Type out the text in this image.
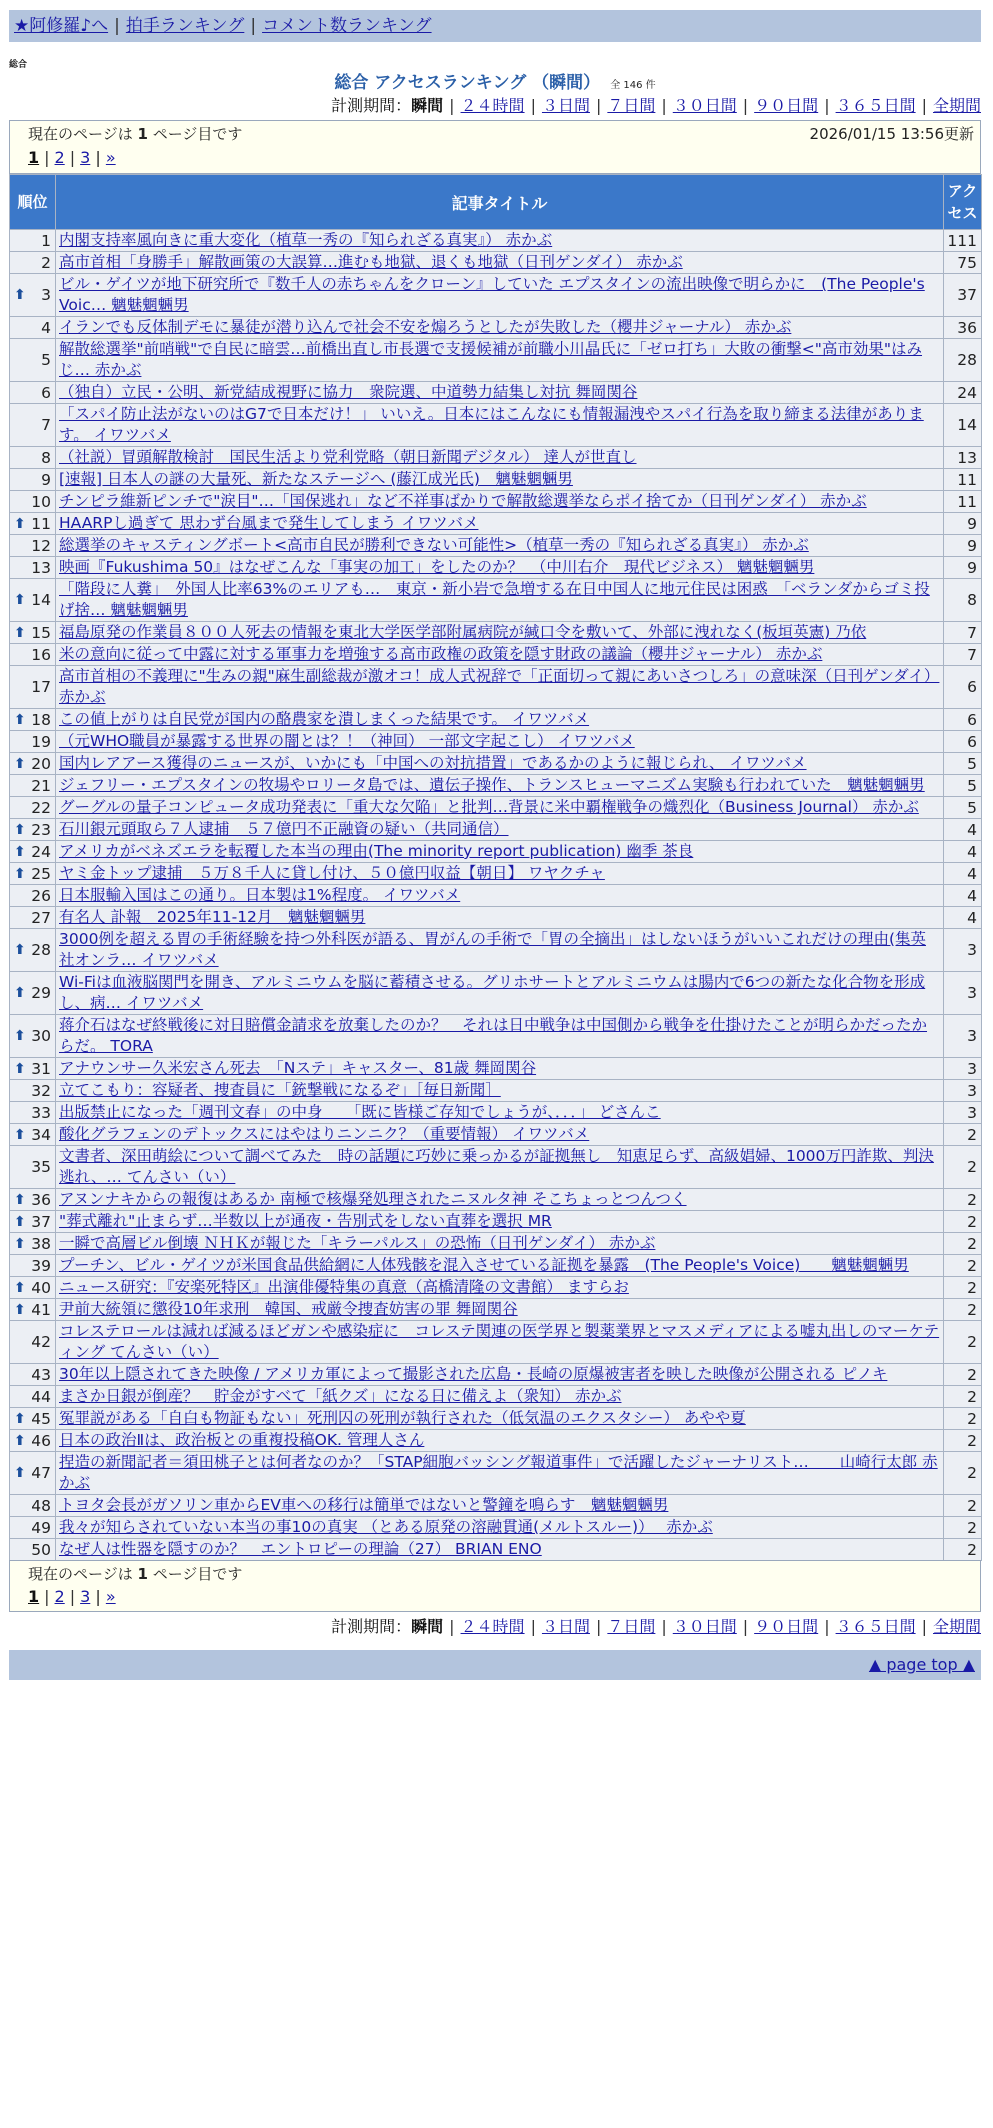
★阿修羅♪へ | 拍手ランキング | コメント数ランキング
総合
総合 アクセスランキング （瞬間） 全 146 件
計測期間：瞬間 | ２４時間 | ３日間 | ７日間 | ３０日間 | ９０日間 | ３６５日間 | 全期間
現在のページは 1 ページ目です	2026/01/15 13:56更新
1 | 2 | 3 | »
順位	記事タイトル	アクセス
1	内閣支持率風向きに重大変化（植草一秀の『知られざる真実』） 赤かぶ	111
2	高市首相「身勝手」解散画策の大誤算…進むも地獄、退くも地獄（日刊ゲンダイ） 赤かぶ	75

⬆ 3	ビル・ゲイツが地下研究所で『数千人の赤ちゃんをクローン』していた エプスタインの流出映像で明らかに　(The People's Voic… 魑魅魍魎男	37
4	イランでも反体制デモに暴徒が潜り込んで社会不安を煽ろうとしたが失敗した（櫻井ジャーナル） 赤かぶ	36
5	解散総選挙"前哨戦"で自民に暗雲…前橋出直し市長選で支援候補が前職小川晶氏に「ゼロ打ち」大敗の衝撃<"高市効果"はみじ… 赤かぶ	28
6	（独自）立民・公明、新党結成視野に協力　衆院選、中道勢力結集し対抗 舞岡関谷	24
7	「スパイ防止法がないのはG7で日本だけ！」 いいえ。日本にはこんなにも情報漏洩やスパイ行為を取り締まる法律があります。 イワツバメ	14
8	（社説）冒頭解散検討　国民生活より党利党略（朝日新聞デジタル） 達人が世直し	13
9	[速報] 日本人の謎の大量死、新たなステージへ (藤江成光氏)　魑魅魍魎男	11
10	チンピラ維新ピンチで"涙目"…「国保逃れ」など不祥事ばかりで解散総選挙ならポイ捨てか（日刊ゲンダイ） 赤かぶ	11

⬆ 11	HAARPし過ぎて 思わず台風まで発生してしまう イワツバメ	9
12	総選挙のキャスティングボート<高市自民が勝利できない可能性>（植草一秀の『知られざる真実』） 赤かぶ	9
13	映画『Fukushima 50』はなぜこんな「事実の加工」をしたのか？　（中川右介　現代ビジネス） 魑魅魍魎男	9

⬆ 14	「階段に人糞」　外国人比率63%のエリアも…　東京・新小岩で急増する在日中国人に地元住民は困惑　「ベランダからゴミ投げ捨… 魑魅魍魎男	8

⬆ 15	福島原発の作業員８００人死去の情報を東北大学医学部附属病院が緘口令を敷いて、外部に洩れなく(板垣英憲) 乃依	7
16	米の意向に従って中露に対する軍事力を増強する高市政権の政策を隠す財政の議論（櫻井ジャーナル） 赤かぶ	7
17	高市首相の不義理に"生みの親"麻生副総裁が激オコ！成人式祝辞で「正面切って親にあいさつしろ」の意味深（日刊ゲンダイ） 赤かぶ	6

⬆ 18	この値上がりは自民党が国内の酪農家を潰しまくった結果です。 イワツバメ	6
19	（元WHO職員が暴露する世界の闇とは？！（神回） 一部文字起こし） イワツバメ	6

⬆ 20	国内レアアース獲得のニュースが、いかにも「中国への対抗措置」であるかのように報じられ、 イワツバメ	5
21	ジェフリー・エプスタインの牧場やロリータ島では、遺伝子操作、トランスヒューマニズム実験も行われていた　魑魅魍魎男	5
22	グーグルの量子コンピュータ成功発表に「重大な欠陥」と批判…背景に米中覇権戦争の熾烈化（Business Journal） 赤かぶ	5

⬆ 23	石川銀元頭取ら７人逮捕　５７億円不正融資の疑い（共同通信）	4

⬆ 24	アメリカがベネズエラを転覆した本当の理由(The minority report publication) 幽季 茶良	4

⬆ 25	ヤミ金トップ逮捕　５万８千人に貸し付け、５０億円収益【朝日】 ワヤクチャ	4
26	日本服輸入国はこの通り。日本製は1%程度。 イワツバメ	4
27	有名人 訃報　2025年11-12月　魑魅魍魎男	4

⬆ 28	3000例を超える胃の手術経験を持つ外科医が語る、胃がんの手術で「胃の全摘出」はしないほうがいいこれだけの理由(集英社オンラ… イワツバメ	3

⬆ 29	Wi-Fiは血液脳関門を開き、アルミニウムを脳に蓄積させる。グリホサートとアルミニウムは腸内で6つの新たな化合物を形成し、病… イワツバメ	3

⬆ 30	蒋介石はなぜ終戦後に対日賠償金請求を放棄したのか？　それは日中戦争は中国側から戦争を仕掛けたことが明らかだったからだ。 TORA	3

⬆ 31	アナウンサー久米宏さん死去　「Nステ」キャスター、81歳 舞岡関谷	3
32	立てこもり：容疑者、捜査員に「銃撃戦になるぞ」［毎日新聞］	3
33	出版禁止になった「週刊文春」の中身　　「既に皆様ご存知でしょうが、．．．」 どさんこ	3

⬆ 34	酸化グラフェンのデトックスにはやはりニンニク？（重要情報） イワツバメ	2
35	文書者、深田萌絵について調べてみた　時の話題に巧妙に乗っかるが証拠無し　知恵足らず、高級娼婦、1000万円詐欺、判決逃れ、… てんさい（い）	2

⬆ 36	アヌンナキからの報復はあるか 南極で核爆発処理されたニヌルタ神 そこちょっとつんつく	2

⬆ 37	"葬式離れ"止まらず…半数以上が通夜・告別式をしない直葬を選択 MR	2

⬆ 38	一瞬で高層ビル倒壊 ＮＨＫが報じた「キラーパルス」の恐怖（日刊ゲンダイ） 赤かぶ	2
39	プーチン、ビル・ゲイツが米国食品供給網に人体残骸を混入させている証拠を暴露　(The People's Voice)　　魑魅魍魎男	2

⬆ 40	ニュース研究：『安楽死特区』出演俳優特集の真意（高橋清隆の文書館） ますらお	2

⬆ 41	尹前大統領に懲役10年求刑　韓国、戒厳令捜査妨害の罪 舞岡関谷	2
42	コレステロールは減れば減るほどガンや感染症に　コレステ関連の医学界と製薬業界とマスメディアによる嘘丸出しのマーケティング てんさい（い）	2
43	30年以上隠されてきた映像 / アメリカ軍によって撮影された広島・長崎の原爆被害者を映した映像が公開される ピノキ	2
44	まさか日銀が倒産？　貯金がすべて「紙クズ」になる日に備えよ（衆知） 赤かぶ	2

⬆ 45	冤罪説がある「自白も物証もない」死刑囚の死刑が執行された（低気温のエクスタシー） あやや夏	2

⬆ 46	日本の政治Ⅱは、政治板との重複投稿OK. 管理人さん	2

⬆ 47	捏造の新聞記者＝須田桃子とは何者なのか？「STAP細胞バッシング報道事件」で活躍したジャーナリスト…　　山崎行太郎 赤かぶ	2
48	トヨタ会長がガソリン車からEV車への移行は簡単ではないと警鐘を鳴らす　魑魅魍魎男	2
49	我々が知らされていない本当の事10の真実 （とある原発の溶融貫通(メルトスルー)）　 赤かぶ	2
50	なぜ人は性器を隠すのか？　エントロピーの理論（27） BRIAN ENO	2
現在のページは 1 ページ目です
1 | 2 | 3 | »
計測期間：瞬間 | ２４時間 | ３日間 | ７日間 | ３０日間 | ９０日間 | ３６５日間 | 全期間
▲ page top ▲
